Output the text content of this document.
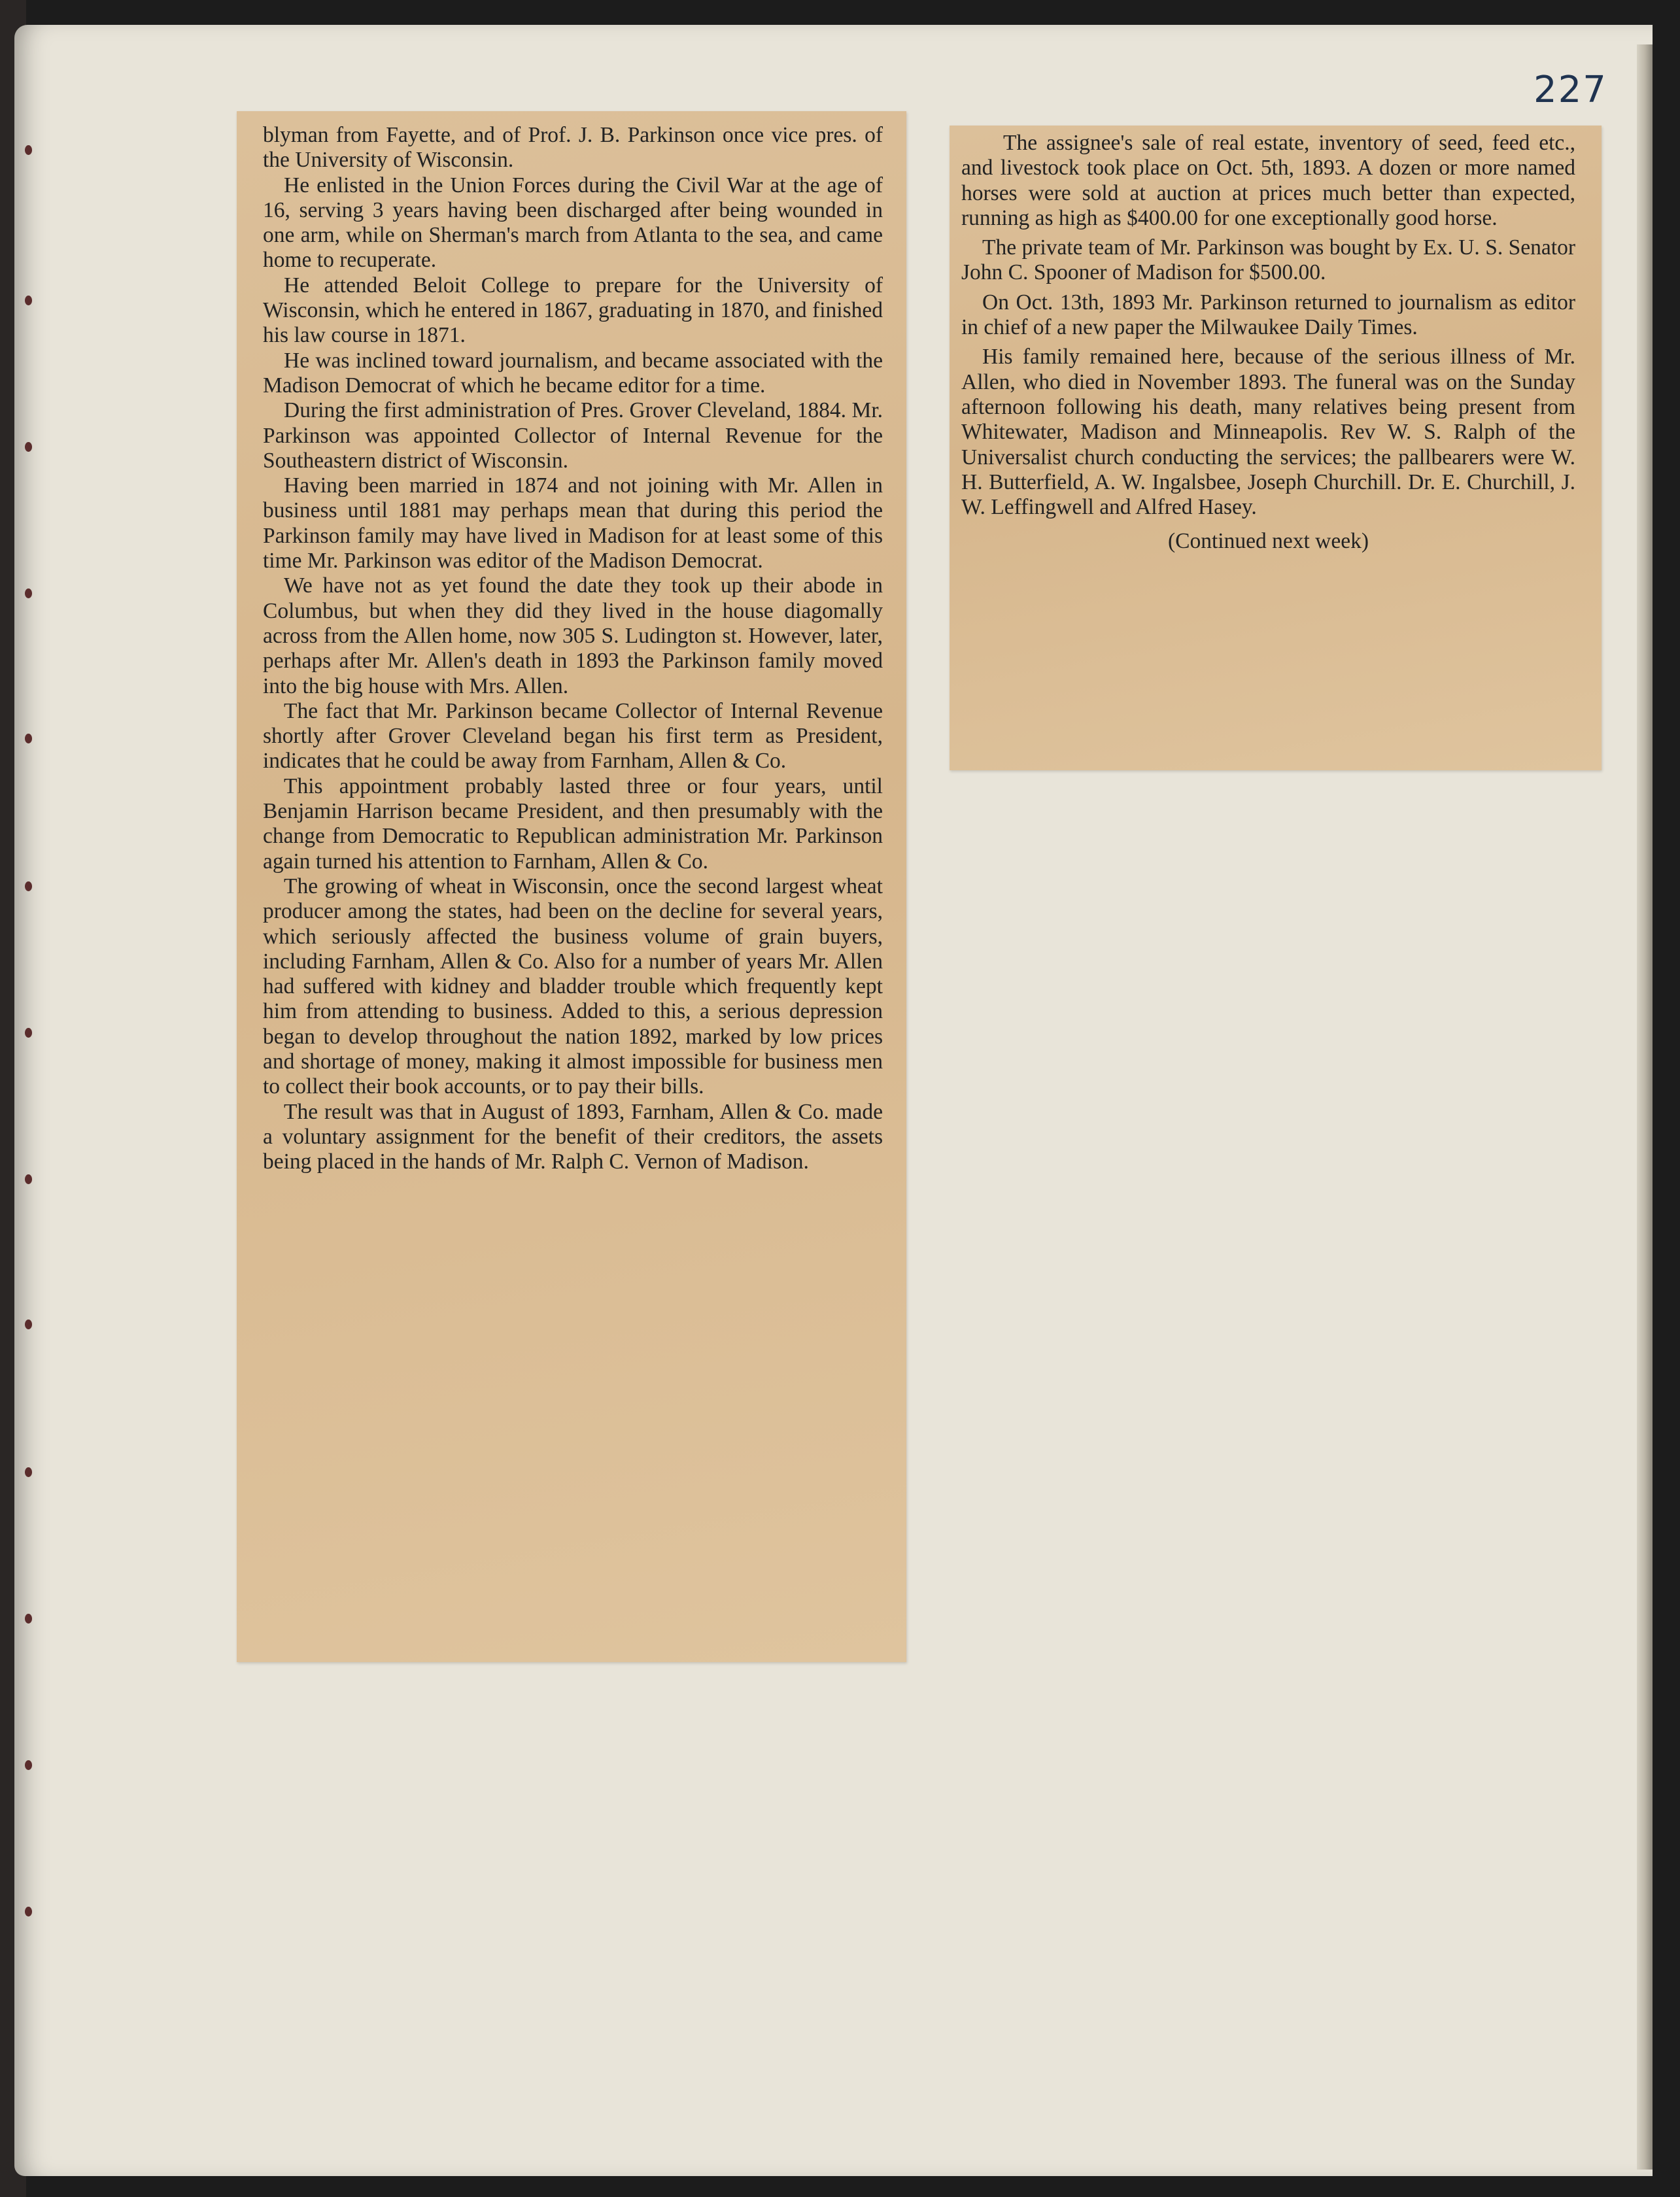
227

blyman from Fayette, and of Prof. J. B. Parkinson once vice pres. of the University of Wisconsin.

He enlisted in the Union Forces during the Civil War at the age of 16, serving 3 years having been discharged after being wounded in one arm, while on Sherman's march from Atlanta to the sea, and came home to recuperate.

He attended Beloit College to prepare for the University of Wisconsin, which he entered in 1867, graduating in 1870, and finished his law course in 1871.

He was inclined toward journalism, and became associated with the Madison Democrat of which he became editor for a time.

During the first administration of Pres. Grover Cleveland, 1884. Mr. Parkinson was appointed Collector of Internal Revenue for the Southeastern district of Wisconsin.

Having been married in 1874 and not joining with Mr. Allen in business until 1881 may perhaps mean that during this period the Parkinson family may have lived in Madison for at least some of this time Mr. Parkinson was editor of the Madison Democrat.

We have not as yet found the date they took up their abode in Columbus, but when they did they lived in the house diagomally across from the Allen home, now 305 S. Ludington st. However, later, perhaps after Mr. Allen's death in 1893 the Parkinson family moved into the big house with Mrs. Allen.

The fact that Mr. Parkinson became Collector of Internal Revenue shortly after Grover Cleveland began his first term as President, indicates that he could be away from Farnham, Allen & Co.

This appointment probably lasted three or four years, until Benjamin Harrison became President, and then presumably with the change from Democratic to Republican administration Mr. Parkinson again turned his attention to Farnham, Allen & Co.

The growing of wheat in Wisconsin, once the second largest wheat producer among the states, had been on the decline for several years, which seriously affected the business volume of grain buyers, including Farnham, Allen & Co. Also for a number of years Mr. Allen had suffered with kidney and bladder trouble which frequently kept him from attending to business. Added to this, a serious depression began to develop throughout the nation 1892, marked by low prices and shortage of money, making it almost impossible for business men to collect their book accounts, or to pay their bills.

The result was that in August of 1893, Farnham, Allen & Co. made a voluntary assignment for the benefit of their creditors, the assets being placed in the hands of Mr. Ralph C. Vernon of Madison.

The assignee's sale of real estate, inventory of seed, feed etc., and livestock took place on Oct. 5th, 1893. A dozen or more named horses were sold at auction at prices much better than expected, running as high as $400.00 for one exceptionally good horse.

The private team of Mr. Parkinson was bought by Ex. U. S. Senator John C. Spooner of Madison for $500.00.

On Oct. 13th, 1893 Mr. Parkinson returned to journalism as editor in chief of a new paper the Milwaukee Daily Times.

His family remained here, because of the serious illness of Mr. Allen, who died in November 1893. The funeral was on the Sunday afternoon following his death, many relatives being present from Whitewater, Madison and Minneapolis. Rev W. S. Ralph of the Universalist church conducting the services; the pallbearers were W. H. Butterfield, A. W. Ingalsbee, Joseph Churchill. Dr. E. Churchill, J. W. Leffingwell and Alfred Hasey.

(Continued next week)
